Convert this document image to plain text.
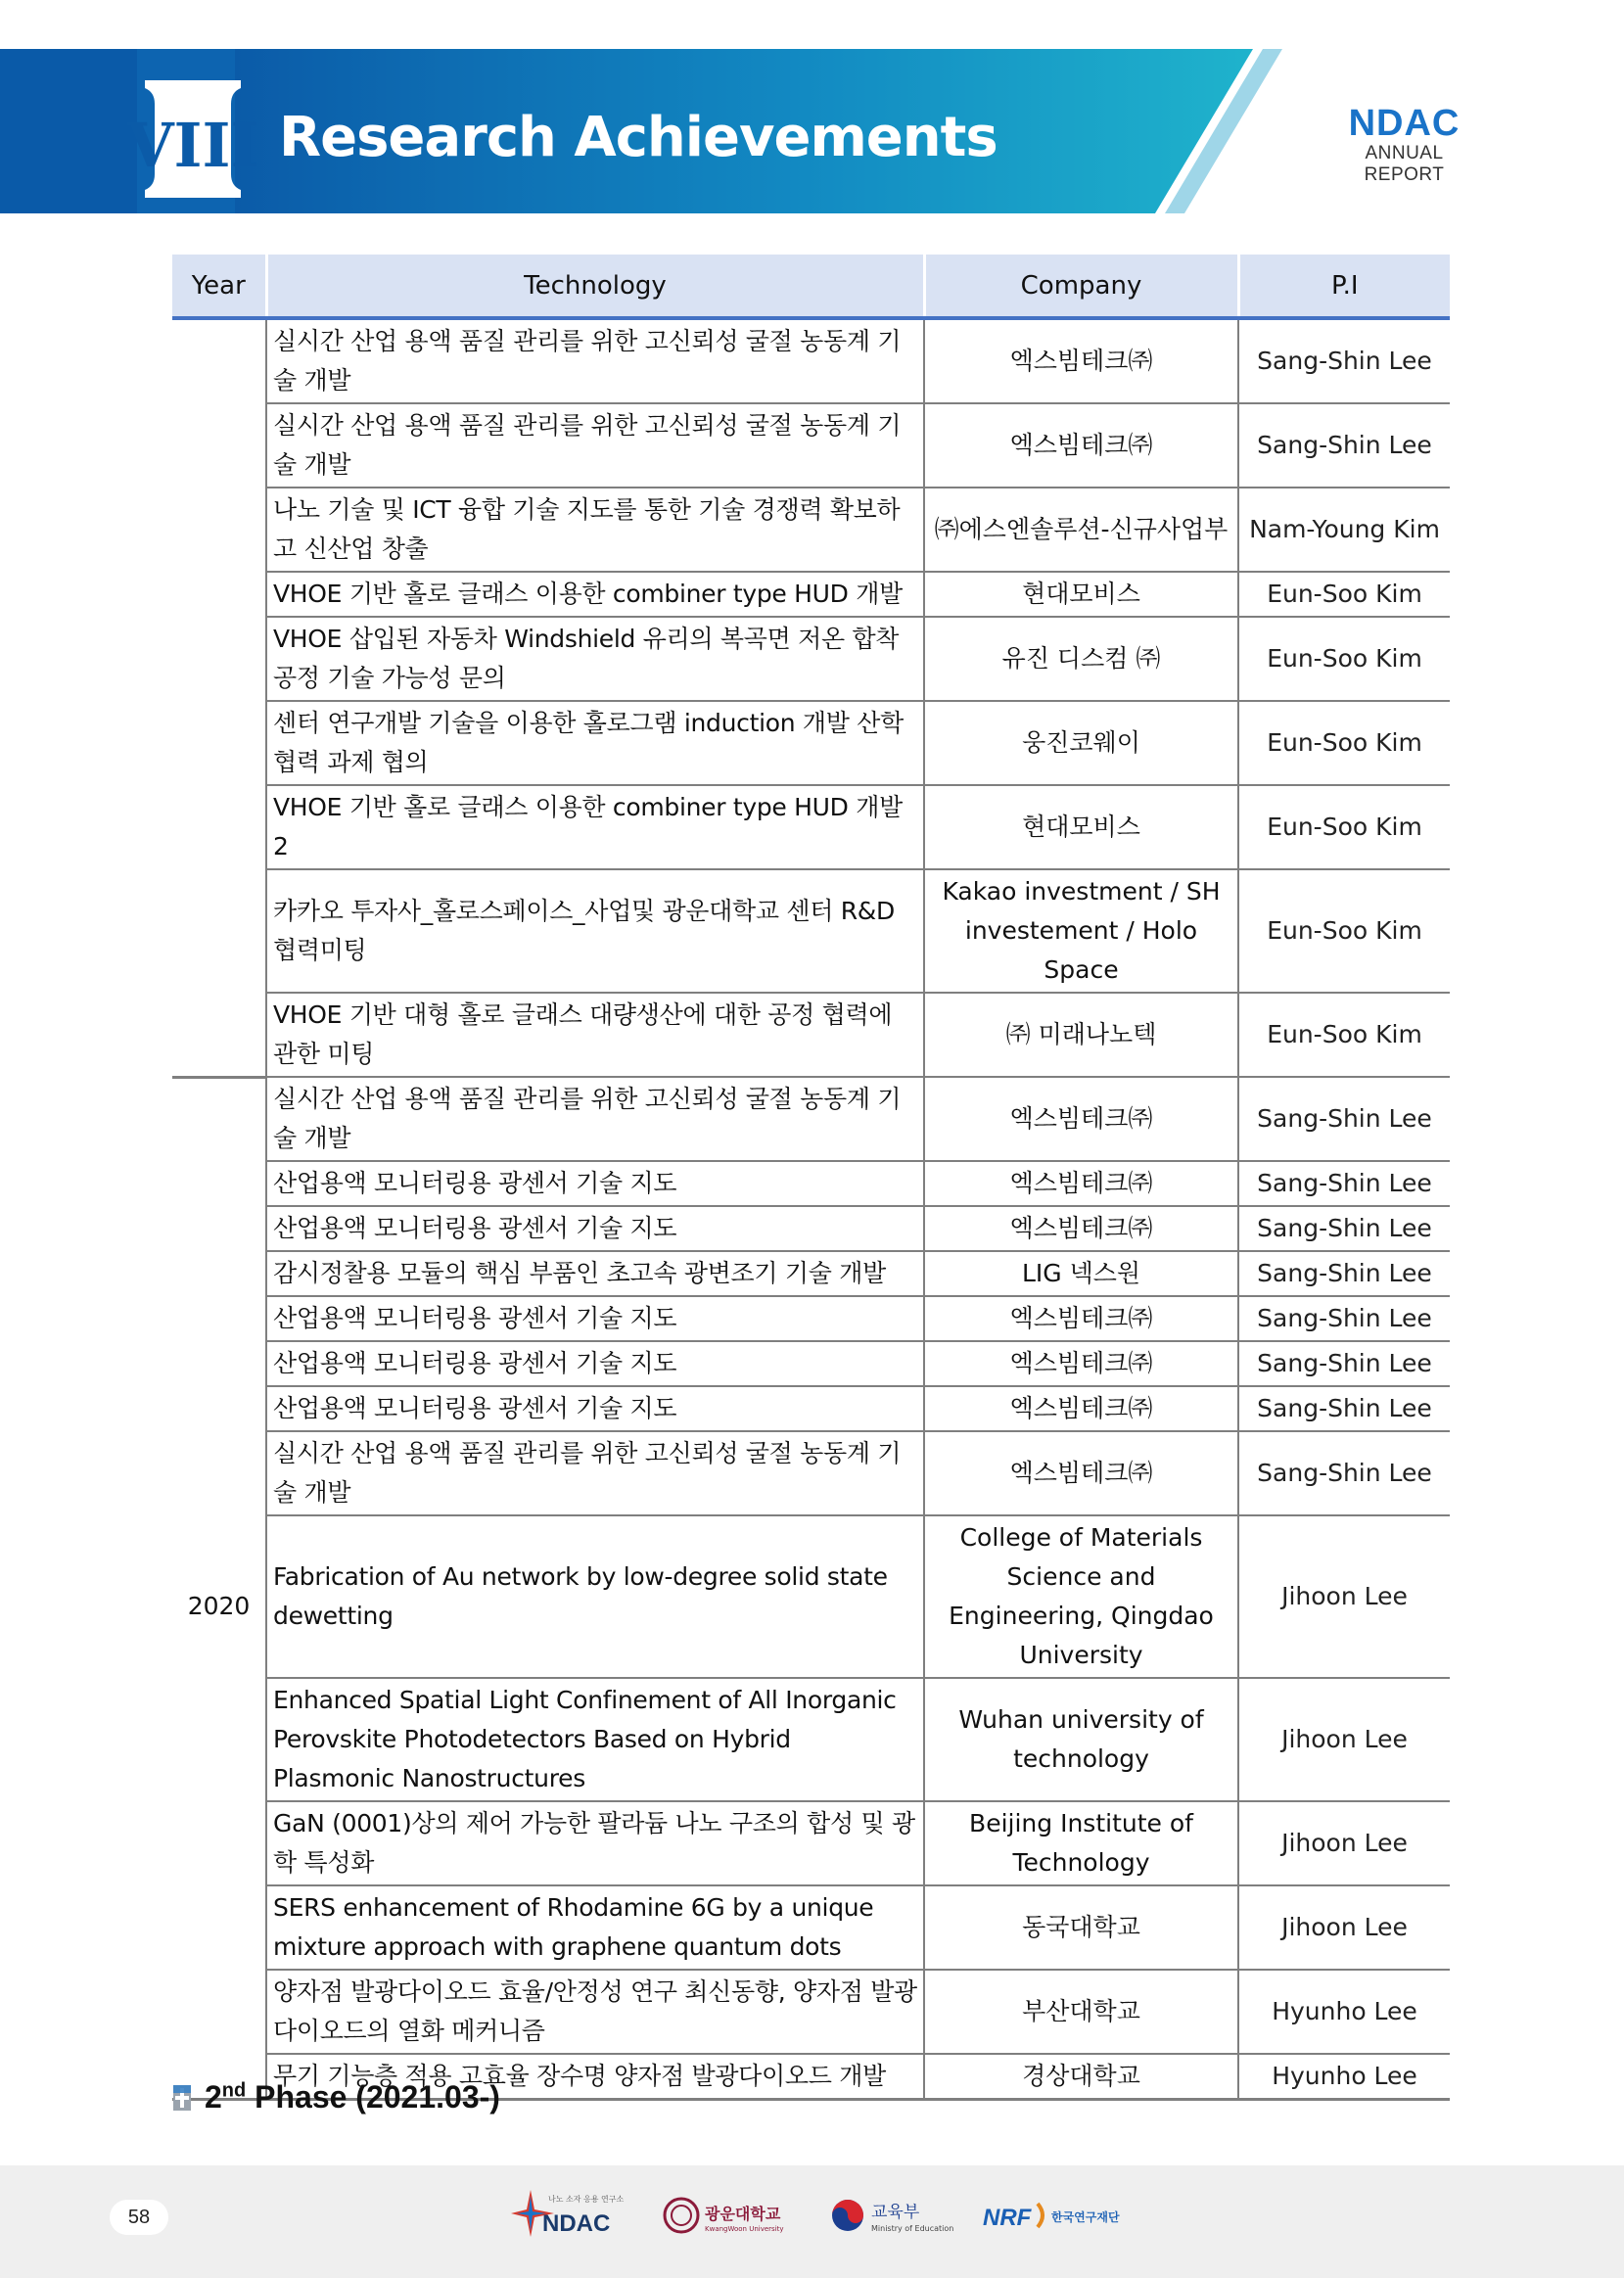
VIII Research Achievements	NDAC
ANNUAL REPORT
Year	Technology	Company	P.I
	실시간 산업 용액 품질 관리를 위한 고신뢰성 굴절 농동계 기술 개발	엑스빔테크㈜	Sang-Shin Lee
	실시간 산업 용액 품질 관리를 위한 고신뢰성 굴절 농동계 기술 개발	엑스빔테크㈜	Sang-Shin Lee
	나노 기술 및 ICT 융합 기술 지도를 통한 기술 경쟁력 확보하고 신산업 창출	㈜에스엔솔루션-신규사업부	Nam-Young Kim
	VHOE 기반 홀로 글래스 이용한 combiner type HUD 개발	현대모비스	Eun-Soo Kim
	VHOE 삽입된 자동차 Windshield 유리의 복곡면 저온 합착 공정 기술 가능성 문의	유진 디스컴 ㈜	Eun-Soo Kim
	센터 연구개발 기술을 이용한 홀로그램 induction 개발 산학협력 과제 협의	웅진코웨이	Eun-Soo Kim
	VHOE 기반 홀로 글래스 이용한 combiner type HUD 개발 2	현대모비스	Eun-Soo Kim
	카카오 투자사_홀로스페이스_사업및 광운대학교 센터 R&D 협력미팅	Kakao investment / SH investement / Holo Space	Eun-Soo Kim
	VHOE 기반 대형 홀로 글래스 대량생산에 대한 공정 협력에 관한 미팅	㈜ 미래나노텍	Eun-Soo Kim
2020	실시간 산업 용액 품질 관리를 위한 고신뢰성 굴절 농동계 기술 개발	엑스빔테크㈜	Sang-Shin Lee
	산업용액 모니터링용 광센서 기술 지도	엑스빔테크㈜	Sang-Shin Lee
	산업용액 모니터링용 광센서 기술 지도	엑스빔테크㈜	Sang-Shin Lee
	감시정찰용 모듈의 핵심 부품인 초고속 광변조기 기술 개발	LIG 넥스원	Sang-Shin Lee
	산업용액 모니터링용 광센서 기술 지도	엑스빔테크㈜	Sang-Shin Lee
	산업용액 모니터링용 광센서 기술 지도	엑스빔테크㈜	Sang-Shin Lee
	산업용액 모니터링용 광센서 기술 지도	엑스빔테크㈜	Sang-Shin Lee
	실시간 산업 용액 품질 관리를 위한 고신뢰성 굴절 농동계 기술 개발	엑스빔테크㈜	Sang-Shin Lee
	Fabrication of Au network by low-degree solid state dewetting	College of Materials Science and Engineering, Qingdao University	Jihoon Lee
	Enhanced Spatial Light Confinement of All Inorganic Perovskite Photodetectors Based on Hybrid Plasmonic Nanostructures	Wuhan university of technology	Jihoon Lee
	GaN (0001)상의 제어 가능한 팔라듐 나노 구조의 합성 및 광학 특성화	Beijing Institute of Technology	Jihoon Lee
	SERS enhancement of Rhodamine 6G by a unique mixture approach with graphene quantum dots	동국대학교	Jihoon Lee
	양자점 발광다이오드 효율/안정성 연구 최신동향, 양자점 발광다이오드의 열화 메커니즘	부산대학교	Hyunho Lee
	무기 기능층 적용 고효율 장수명 양자점 발광다이오드 개발	경상대학교	Hyunho Lee
2nd Phase (2021.03-)
58	NDAC
나노 소자 응용 연구소
광운대학교
KwangWoon University
교육부
Ministry of Education NRF 한국연구재단
